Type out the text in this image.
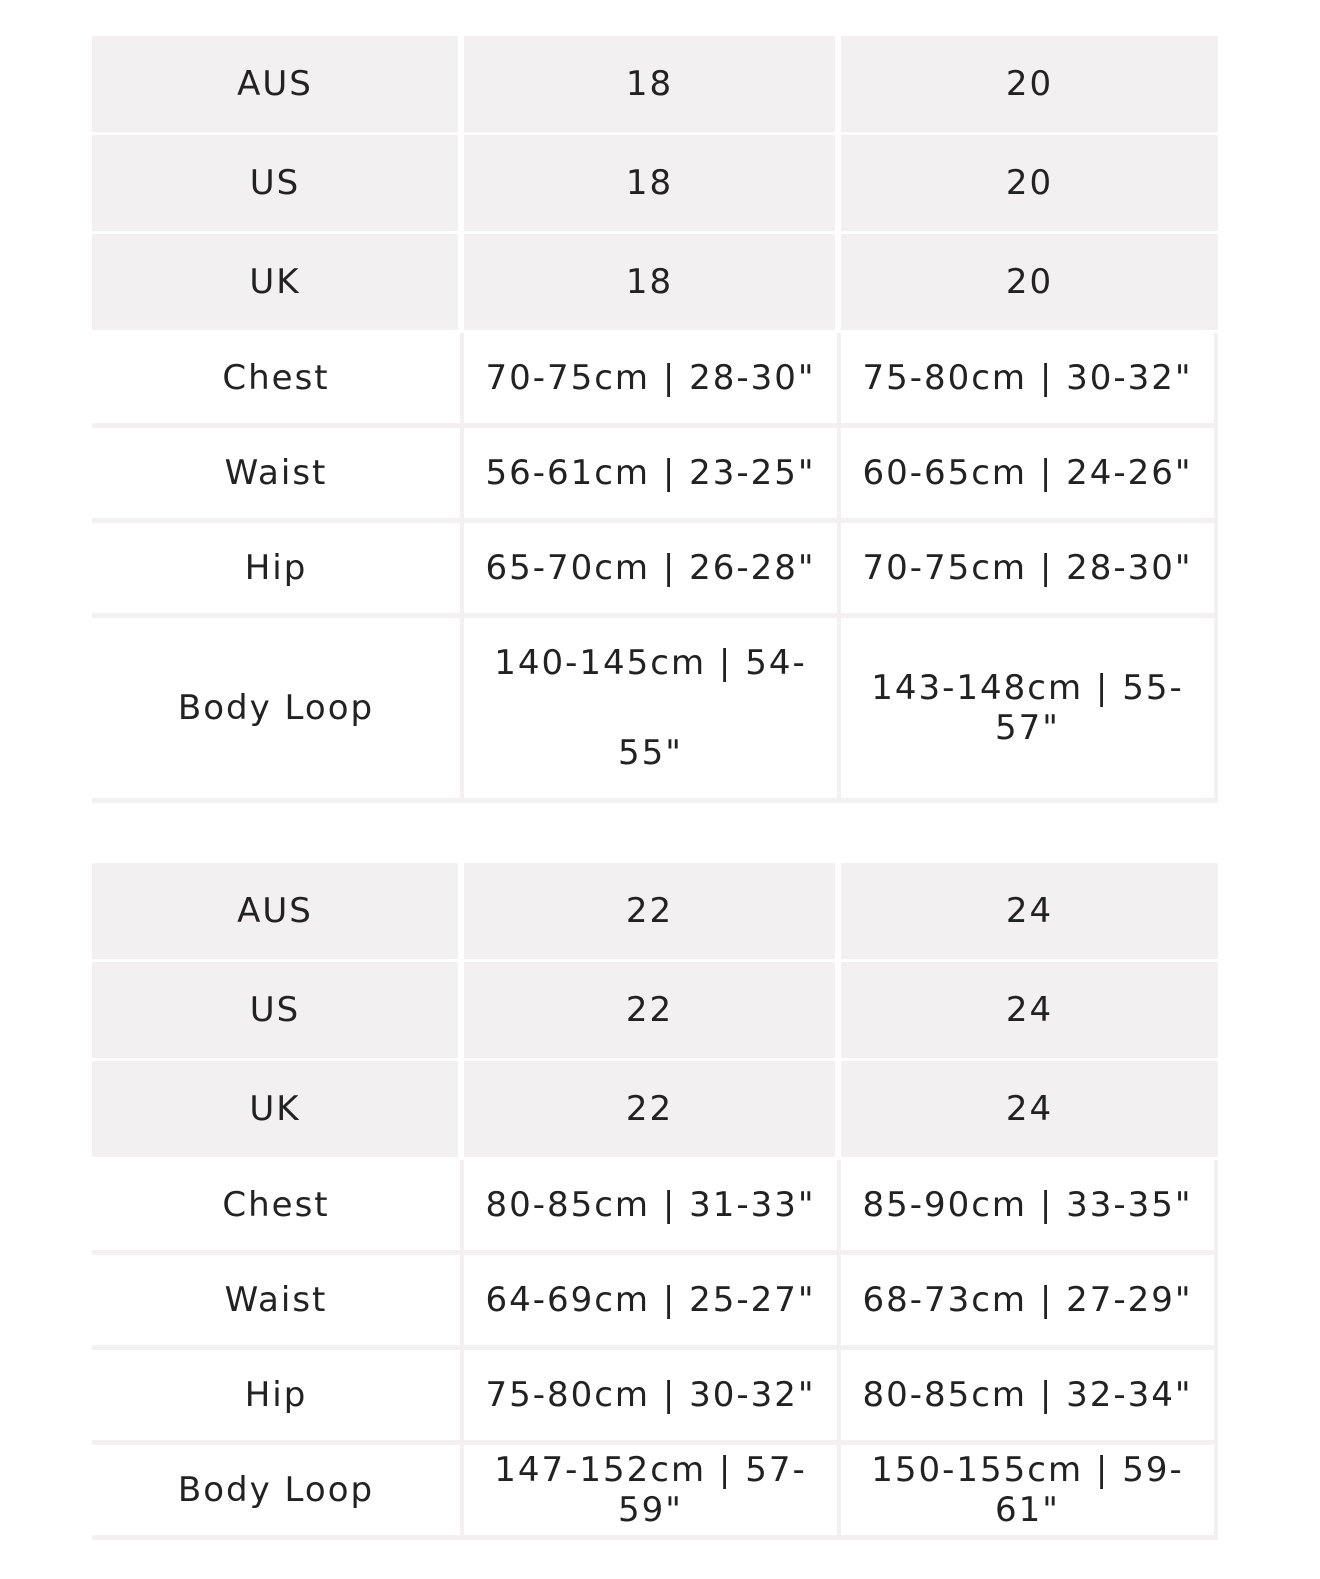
AUS	18	20
US	18	20
UK	18	20
Chest	70-75cm | 28-30"	75-80cm | 30-32"
Waist	56-61cm | 23-25"	60-65cm | 24-26"
Hip	65-70cm | 26-28"	70-75cm | 28-30"
Body Loop	140-145cm | 54-55"	143-148cm | 55-57"
AUS	22	24
US	22	24
UK	22	24
Chest	80-85cm | 31-33"	85-90cm | 33-35"
Waist	64-69cm | 25-27"	68-73cm | 27-29"
Hip	75-80cm | 30-32"	80-85cm | 32-34"
Body Loop	147-152cm | 57-59"	150-155cm | 59-61"
